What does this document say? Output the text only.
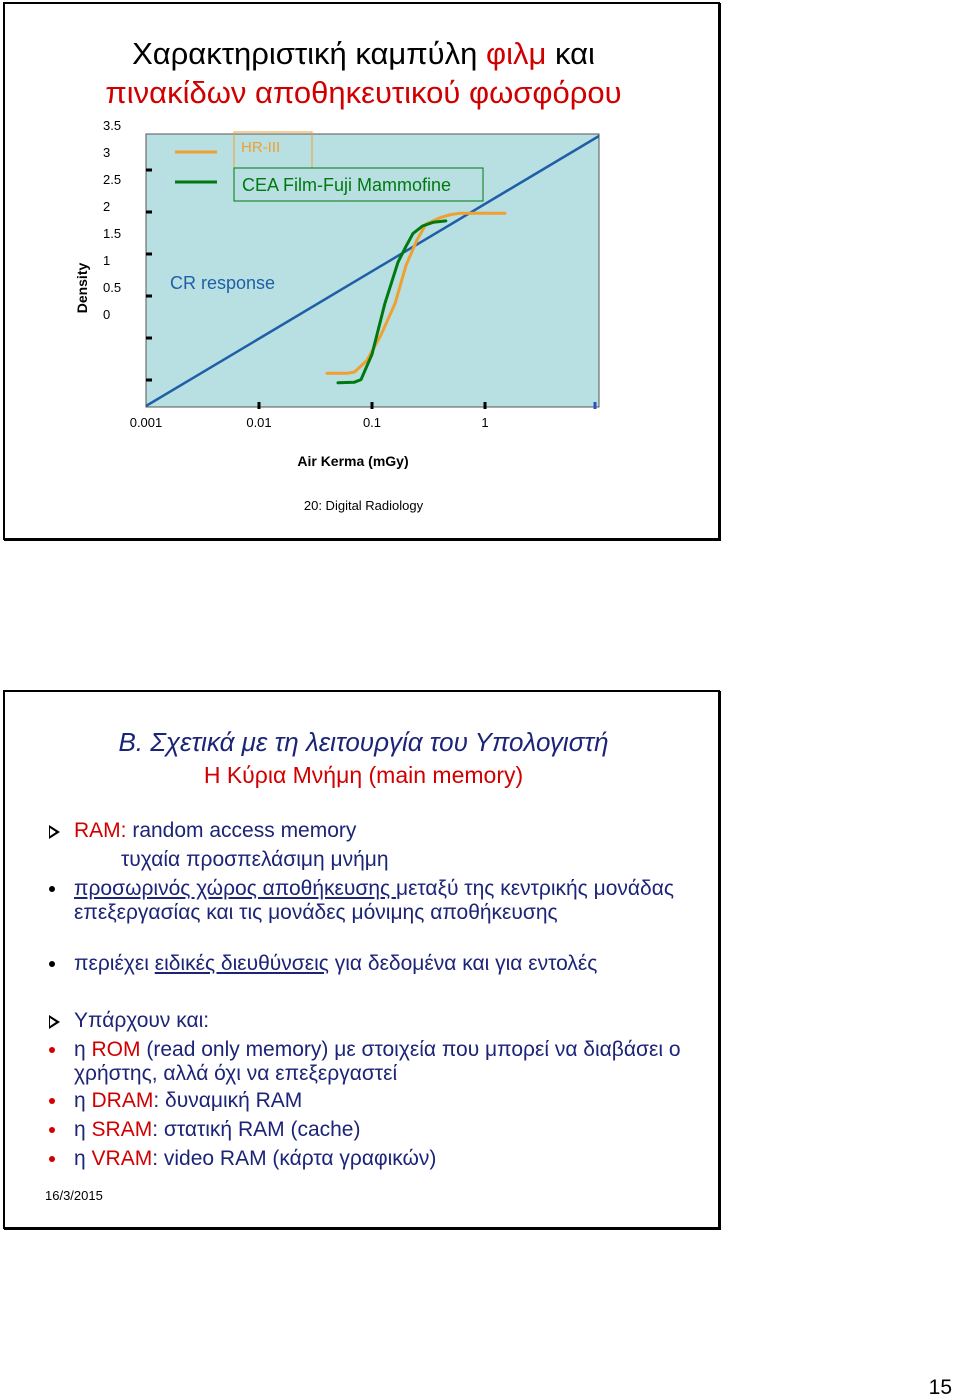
Χαρακτηριστική καμπύλη φιλμ και
πινακίδων αποθηκευτικού φωσφόρου
3.5
3
2.5
2
1.5
1
0.5
0
Density
0.001	0.01	0.1	1
Air Kerma (mGy)
HR-III
CEA Film-Fuji Mammofine
CR response
20: Digital Radiology
Β. Σχετικά με τη λειτουργία του Υπολογιστή
Η Κύρια Μνήμη (main memory)
RAM: random access memory
τυχαία προσπελάσιμη μνήμη
προσωρινός χώρος αποθήκευσης μεταξύ της κεντρικής μονάδας επεξεργασίας και τις μονάδες μόνιμης αποθήκευσης
περιέχει ειδικές διευθύνσεις για δεδομένα και για εντολές
Υπάρχουν και:
η ROM (read only memory) με στοιχεία που μπορεί να διαβάσει ο χρήστης, αλλά όχι να επεξεργαστεί
η DRAM: δυναμική RAM
η SRAM: στατική RAM (cache)
η VRAM: video RAM (κάρτα γραφικών)
16/3/2015
15
